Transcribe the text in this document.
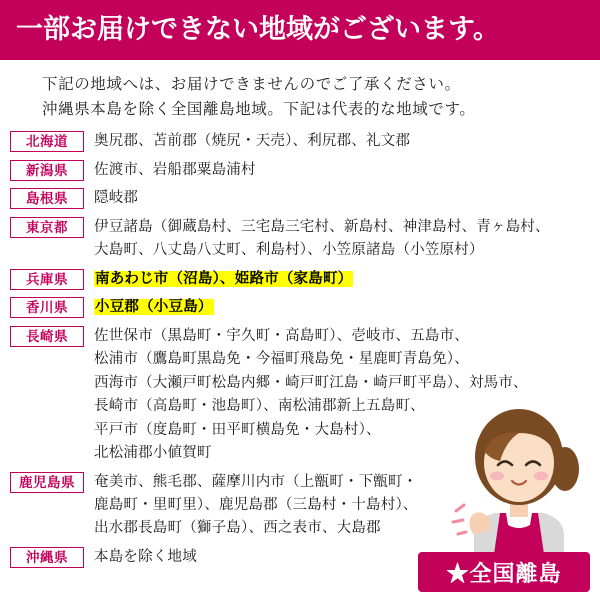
一部お届けできない地域がございます。
下記の地域へは、お届けできませんのでご了承ください。
沖縄県本島を除く全国離島地域。下記は代表的な地域です。
北海道	奥尻郡、苫前郡（焼尻・天売）、利尻郡、礼文郡
新潟県	佐渡市、岩船郡粟島浦村
島根県	隠岐郡
東京都	伊豆諸島（御蔵島村、三宅島三宅村、新島村、神津島村、青ヶ島村、
大島町、八丈島八丈町、利島村）、小笠原諸島（小笠原村）
兵庫県	南あわじ市（沼島）、姫路市（家島町）
香川県	小豆郡（小豆島）
長崎県	佐世保市（黒島町・宇久町・高島町）、壱岐市、五島市、
松浦市（鷹島町黒島免・今福町飛島免・星鹿町青島免）、
西海市（大瀬戸町松島内郷・崎戸町江島・崎戸町平島）、対馬市、
長崎市（高島町・池島町）、南松浦郡新上五島町、
平戸市（度島町・田平町横島免・大島村）、
北松浦郡小値賀町
鹿児島県	奄美市、熊毛郡、薩摩川内市（上甑町・下甑町・
鹿島町・里町里）、鹿児島郡（三島村・十島村）、
出水郡長島町（獅子島）、西之表市、大島郡
沖縄県	本島を除く地域
★全国離島
